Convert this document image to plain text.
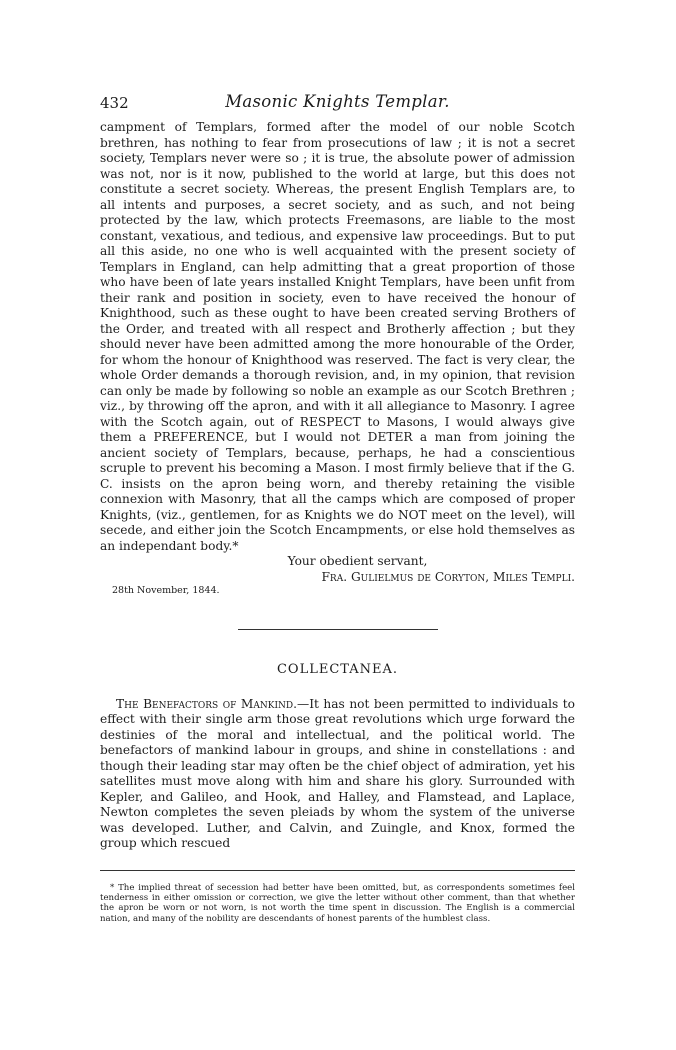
432	Masonic Knights Templar.

campment of Templars, formed after the model of our noble Scotch brethren, has nothing to fear from prosecutions of law ; it is not a secret society, Templars never were so ; it is true, the absolute power of admission was not, nor is it now, published to the world at large, but this does not constitute a secret society. Whereas, the present English Templars are, to all intents and purposes, a secret society, and as such, and not being protected by the law, which protects Freemasons, are liable to the most constant, vexatious, and tedious, and expensive law proceedings. But to put all this aside, no one who is well acquainted with the present society of Templars in England, can help admitting that a great proportion of those who have been of late years installed Knight Templars, have been unfit from their rank and position in society, even to have received the honour of Knighthood, such as these ought to have been created serving Brothers of the Order, and treated with all respect and Brotherly affection ; but they should never have been admitted among the more honourable of the Order, for whom the honour of Knighthood was reserved. The fact is very clear, the whole Order demands a thorough revision, and, in my opinion, that revision can only be made by following so noble an example as our Scotch Brethren ; viz., by throwing off the apron, and with it all allegiance to Masonry. I agree with the Scotch again, out of RESPECT to Masons, I would always give them a PREFERENCE, but I would not DETER a man from joining the ancient society of Templars, because, perhaps, he had a conscientious scruple to prevent his becoming a Mason. I most firmly believe that if the G. C. insists on the apron being worn, and thereby retaining the visible connexion with Masonry, that all the camps which are composed of proper Knights, (viz., gentlemen, for as Knights we do NOT meet on the level), will secede, and either join the Scotch Encampments, or else hold themselves as an independant body.*

Your obedient servant,
Fra. Gulielmus de Coryton, Miles Templi.
28th November, 1844.
COLLECTANEA.

The Benefactors of Mankind.—It has not been permitted to individuals to effect with their single arm those great revolutions which urge forward the destinies of the moral and intellectual, and the political world. The benefactors of mankind labour in groups, and shine in constellations : and though their leading star may often be the chief object of admiration, yet his satellites must move along with him and share his glory. Surrounded with Kepler, and Galileo, and Hook, and Halley, and Flamstead, and Laplace, Newton completes the seven pleiads by whom the system of the universe was developed. Luther, and Calvin, and Zuingle, and Knox, formed the group which rescued

* The implied threat of secession had better have been omitted, but, as correspondents sometimes feel tenderness in either omission or correction, we give the letter without other comment, than that whether the apron be worn or not worn, is not worth the time spent in discussion. The English is a commercial nation, and many of the nobility are descendants of honest parents of the humblest class.
